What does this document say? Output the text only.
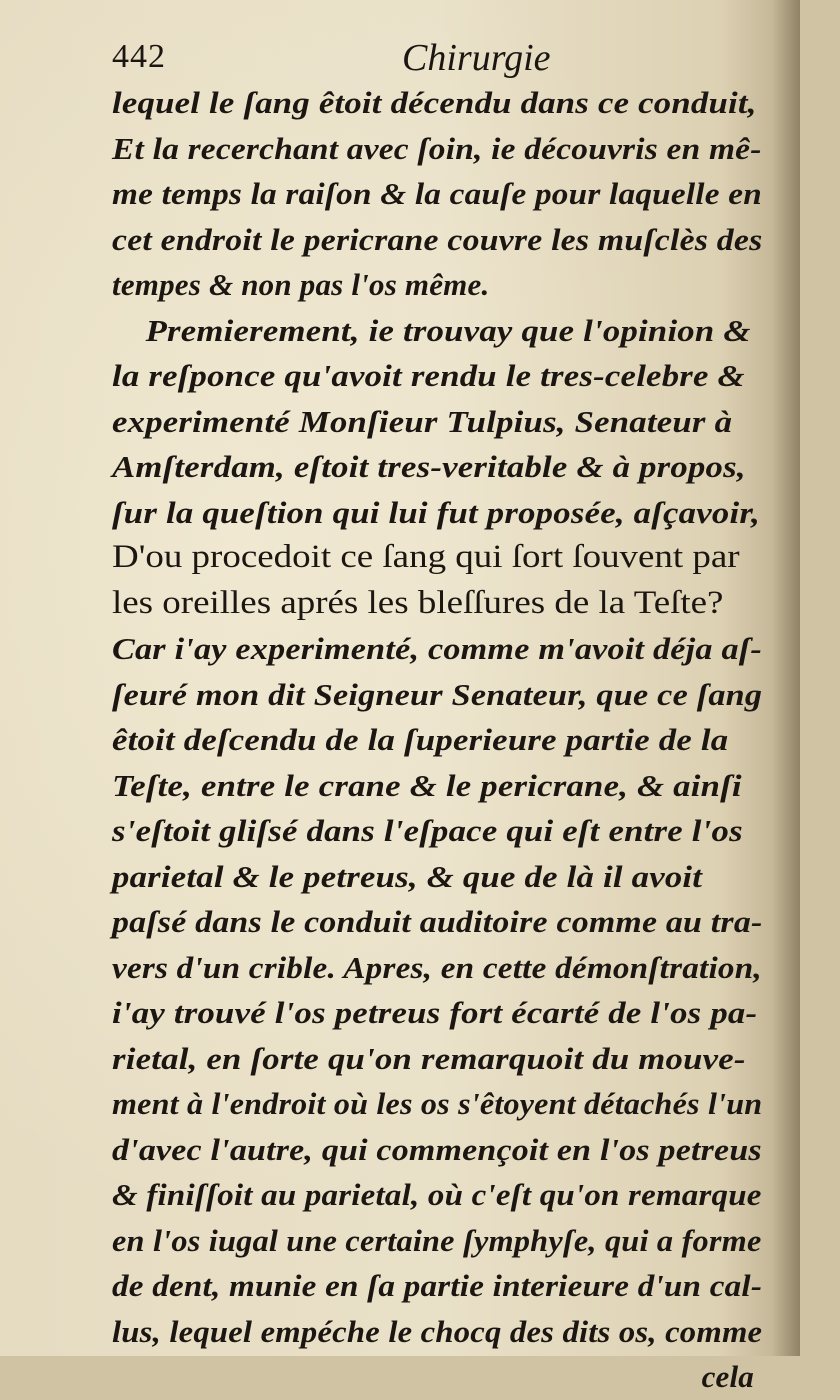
442	Chirurgie
lequel le ſang êtoit décendu dans ce conduit,
Et la recerchant avec ſoin, ie découvris en mê-
me temps la raiſon & la cauſe pour laquelle en
cet endroit le pericrane couvre les muſclès des
tempes & non pas l'os même.
Premierement, ie trouvay que l'opinion &
la reſponce qu'avoit rendu le tres-celebre &
experimenté Monſieur Tulpius, Senateur à
Amſterdam, eſtoit tres-veritable & à propos,
ſur la queſtion qui lui fut proposée, aſçavoir,
D'ou procedoit ce ſang qui ſort ſouvent par
les oreilles aprés les bleſſures de la Teſte?
Car i'ay experimenté, comme m'avoit déja aſ-
ſeuré mon dit Seigneur Senateur, que ce ſang
êtoit deſcendu de la ſuperieure partie de la
Teſte, entre le crane & le pericrane, & ainſi
s'eſtoit gliſsé dans l'eſpace qui eſt entre l'os
parietal & le petreus, & que de là il avoit
paſsé dans le conduit auditoire comme au tra-
vers d'un crible. Apres, en cette démonſtration,
i'ay trouvé l'os petreus fort écarté de l'os pa-
rietal, en ſorte qu'on remarquoit du mouve-
ment à l'endroit où les os s'êtoyent détachés l'un
d'avec l'autre, qui commençoit en l'os petreus
& finiſſoit au parietal, où c'eſt qu'on remarque
en l'os iugal une certaine ſymphyſe, qui a forme
de dent, munie en ſa partie interieure d'un cal-
lus, lequel empéche le chocq des dits os, comme
cela
